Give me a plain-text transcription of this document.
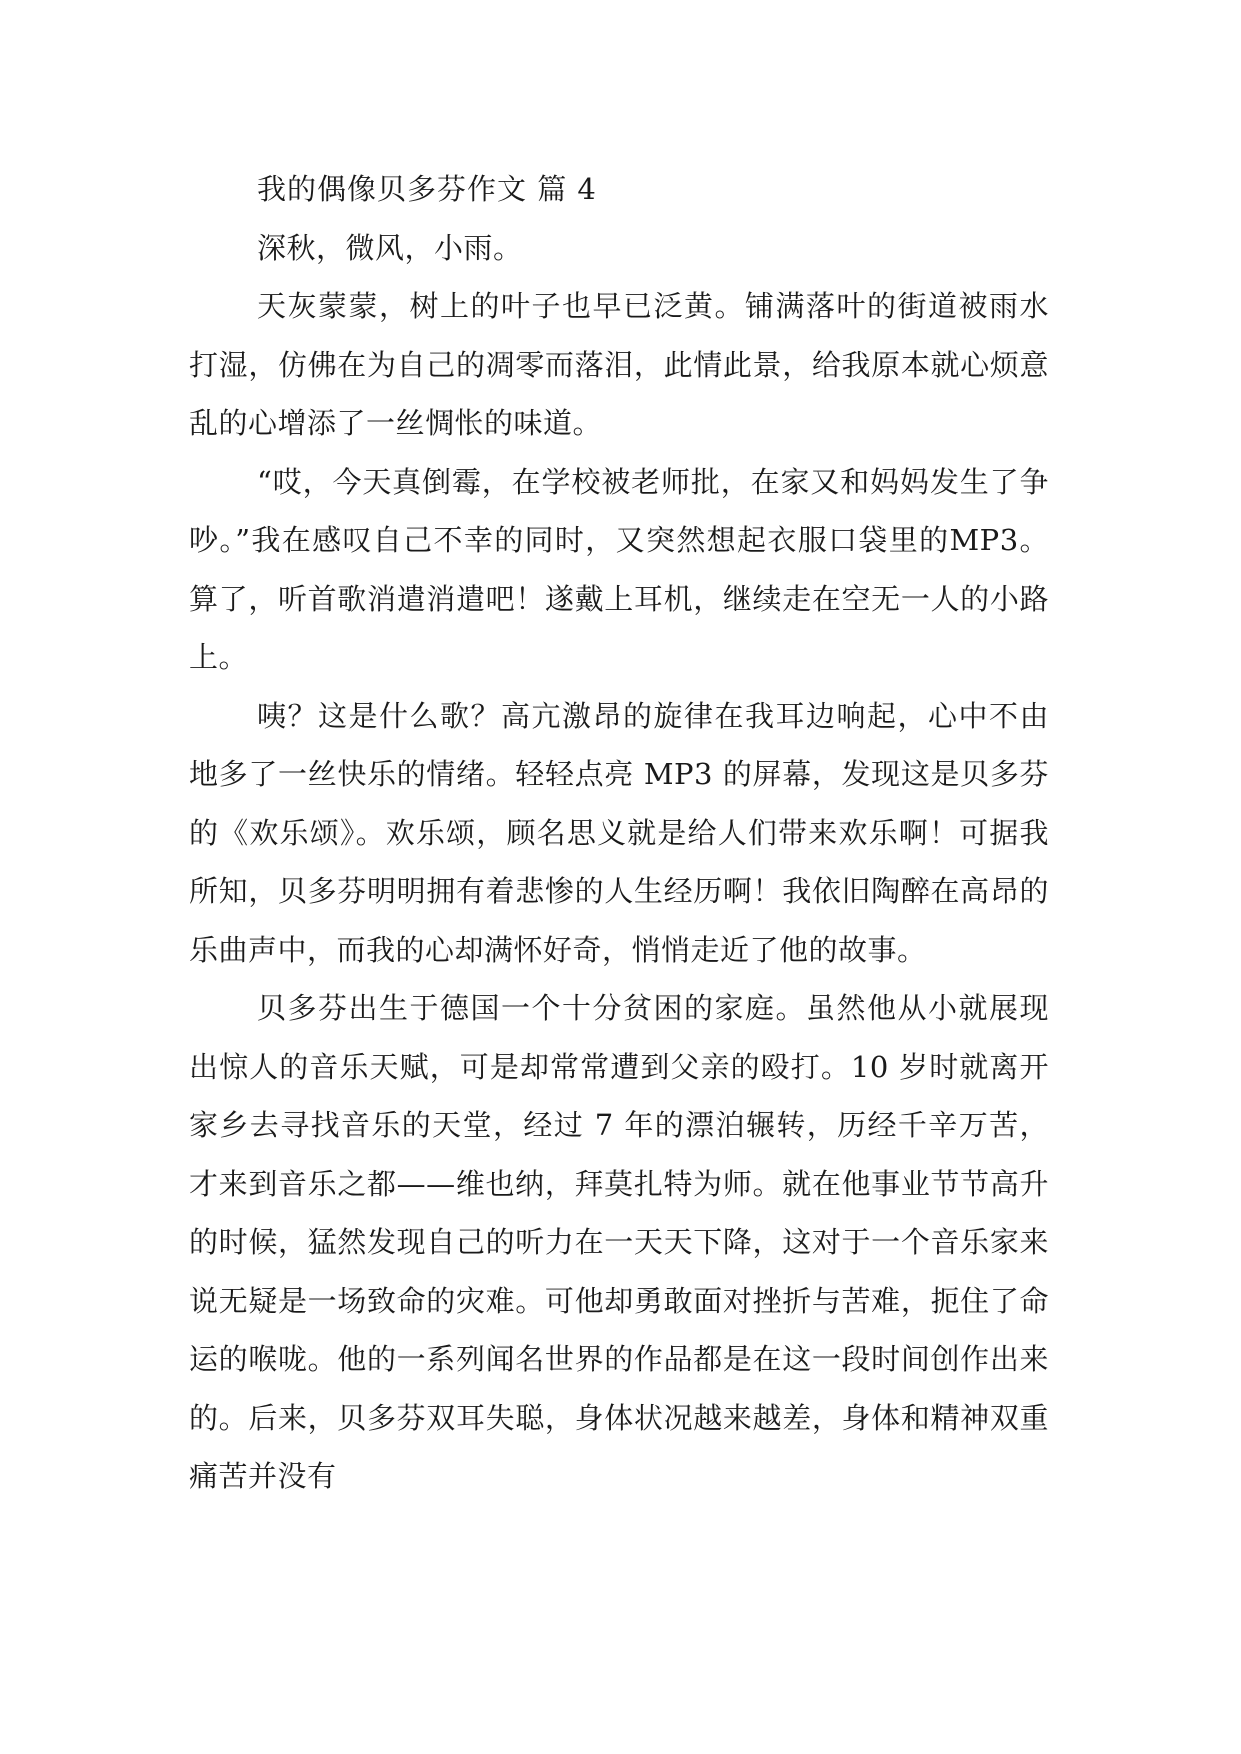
我的偶像贝多芬作文 篇 4

深秋，微风，小雨。

天灰蒙蒙，树上的叶子也早已泛黄。铺满落叶的街道被雨水打湿，仿佛在为自己的凋零而落泪，此情此景，给我原本就心烦意乱的心增添了一丝惆怅的味道。

“哎，今天真倒霉，在学校被老师批，在家又和妈妈发生了争吵。”我在感叹自己不幸的同时，又突然想起衣服口袋里的MP3。算了，听首歌消遣消遣吧！遂戴上耳机，继续走在空无一人的小路上。

咦？这是什么歌？高亢激昂的旋律在我耳边响起，心中不由地多了一丝快乐的情绪。轻轻点亮 MP3 的屏幕，发现这是贝多芬的《欢乐颂》。欢乐颂，顾名思义就是给人们带来欢乐啊！可据我所知，贝多芬明明拥有着悲惨的人生经历啊！我依旧陶醉在高昂的乐曲声中，而我的心却满怀好奇，悄悄走近了他的故事。

贝多芬出生于德国一个十分贫困的家庭。虽然他从小就展现出惊人的音乐天赋，可是却常常遭到父亲的殴打。10 岁时就离开家乡去寻找音乐的天堂，经过 7 年的漂泊辗转，历经千辛万苦，才来到音乐之都——维也纳，拜莫扎特为师。就在他事业节节高升的时候，猛然发现自己的听力在一天天下降，这对于一个音乐家来说无疑是一场致命的灾难。可他却勇敢面对挫折与苦难，扼住了命运的喉咙。他的一系列闻名世界的作品都是在这一段时间创作出来的。后来，贝多芬双耳失聪，身体状况越来越差，身体和精神双重痛苦并没有
